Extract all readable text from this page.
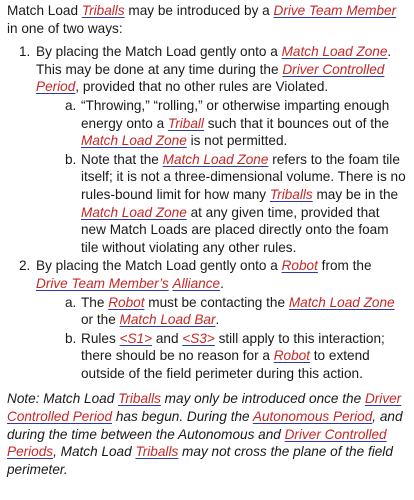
Match Load Triballs may be introduced by a Drive Team Member in one of two ways:

1. By placing the Match Load gently onto a Match Load Zone. This may be done at any time during the Driver Controlled Period, provided that no other rules are Violated.
a. “Throwing,” “rolling,” or otherwise imparting enough energy onto a Triball such that it bounces out of the Match Load Zone is not permitted.
b. Note that the Match Load Zone refers to the foam tile itself; it is not a three-dimensional volume. There is no rules-bound limit for how many Triballs may be in the Match Load Zone at any given time, provided that new Match Loads are placed directly onto the foam tile without violating any other rules.
2. By placing the Match Load gently onto a Robot from the Drive Team Member’s Alliance.
a. The Robot must be contacting the Match Load Zone or the Match Load Bar.
b. Rules <S1> and <S3> still apply to this interaction; there should be no reason for a Robot to extend outside of the field perimeter during this action.

Note: Match Load Triballs may only be introduced once the Driver Controlled Period has begun. During the Autonomous Period, and during the time between the Autonomous and Driver Controlled Periods, Match Load Triballs may not cross the plane of the field perimeter.
